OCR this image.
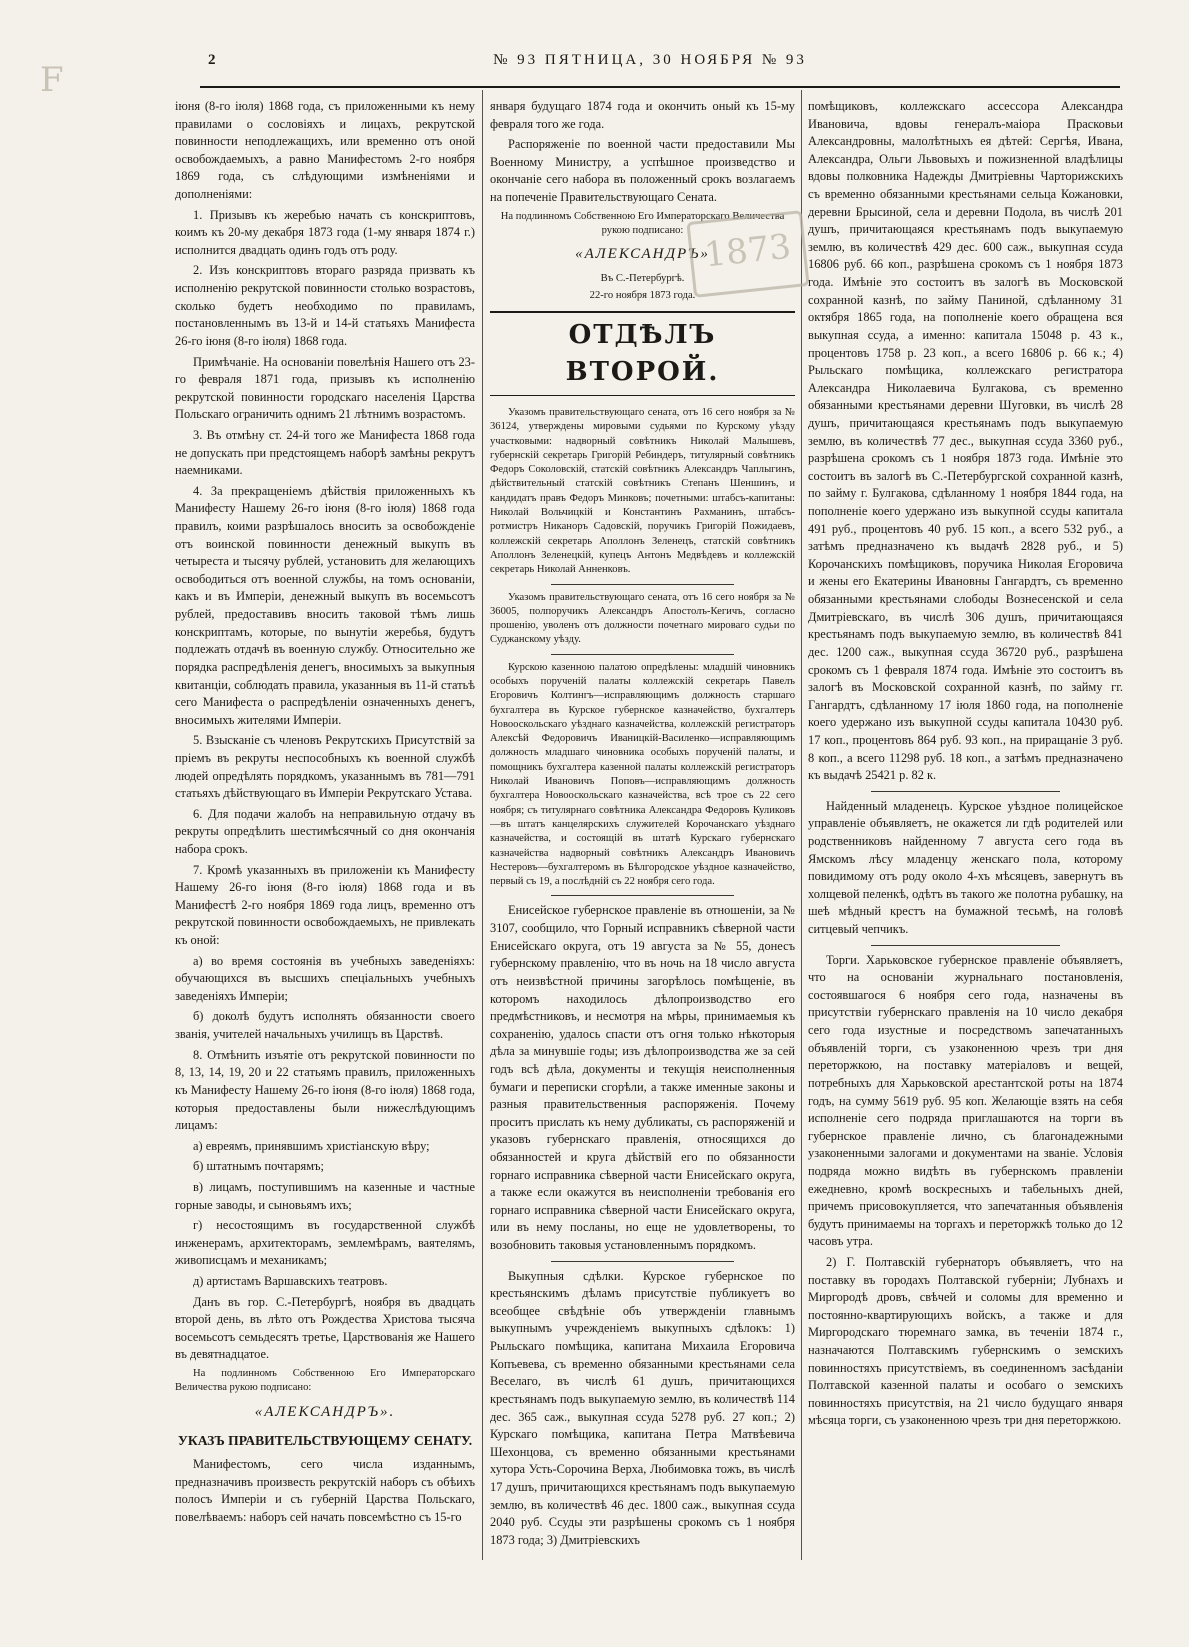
F	2	№ 93 ПЯТНИЦА, 30 НОЯБРЯ № 93

іюня (8-го іюля) 1868 года, съ приложенными къ нему правилами о сословіяхъ и лицахъ, рекрутской повинности неподлежащихъ, или временно отъ оной освобождаемыхъ, а равно Манифестомъ 2-го ноября 1869 года, съ слѣдующими измѣненіями и дополненіями:

1. Призывъ къ жеребью начать съ конскриптовъ, коимъ къ 20-му декабря 1873 года (1-му января 1874 г.) исполнится двадцать одинъ годъ отъ роду.

2. Изъ конскриптовъ втораго разряда призвать къ исполненію рекрутской повинности столько возрастовъ, сколько будетъ необходимо по правиламъ, постановленнымъ въ 13-й и 14-й статьяхъ Манифеста 26-го іюня (8-го іюля) 1868 года.

Примѣчаніе. На основаніи повелѣнія Нашего отъ 23-го февраля 1871 года, призывъ къ исполненію рекрутской повинности городскаго населенія Царства Польскаго ограничить однимъ 21 лѣтнимъ возрастомъ.

3. Въ отмѣну ст. 24-й того же Манифеста 1868 года не допускать при предстоящемъ наборѣ замѣны рекрутъ наемниками.

4. За прекращеніемъ дѣйствія приложенныхъ къ Манифесту Нашему 26-го іюня (8-го іюля) 1868 года правилъ, коими разрѣшалось вносить за освобожденіе отъ воинской повинности денежный выкупъ въ четыреста и тысячу рублей, установить для желающихъ освободиться отъ военной службы, на томъ основаніи, какъ и въ Имперіи, денежный выкупъ въ восемьсотъ рублей, предоставивъ вносить таковой тѣмъ лишь конскриптамъ, которые, по вынутіи жеребья, будутъ подлежать отдачѣ въ военную службу. Относительно же порядка распредѣленія денегъ, вносимыхъ за выкупныя квитанціи, соблюдать правила, указанныя въ 11-й статьѣ сего Манифеста о распредѣленіи означенныхъ денегъ, вносимыхъ жителями Имперіи.

5. Взысканіе съ членовъ Рекрутскихъ Присутствій за пріемъ въ рекруты неспособныхъ къ военной службѣ людей опредѣлять порядкомъ, указаннымъ въ 781—791 статьяхъ дѣйствующаго въ Имперіи Рекрутскаго Устава.

6. Для подачи жалобъ на неправильную отдачу въ рекруты опредѣлить шестимѣсячный со дня окончанія набора срокъ.

7. Кромѣ указанныхъ въ приложеніи къ Манифесту Нашему 26-го іюня (8-го іюля) 1868 года и въ Манифестѣ 2-го ноября 1869 года лицъ, временно отъ рекрутской повинности освобождаемыхъ, не привлекать къ оной:

а) во время состоянія въ учебныхъ заведеніяхъ: обучающихся въ высшихъ спеціальныхъ учебныхъ заведеніяхъ Имперіи;

б) доколѣ будутъ исполнять обязанности своего званія, учителей начальныхъ училищъ въ Царствѣ.

8. Отмѣнить изъятіе отъ рекрутской повинности по 8, 13, 14, 19, 20 и 22 статьямъ правилъ, приложенныхъ къ Манифесту Нашему 26-го іюня (8-го іюля) 1868 года, которыя предоставлены были нижеслѣдующимъ лицамъ:

а) евреямъ, принявшимъ христіанскую вѣру;

б) штатнымъ почтарямъ;

в) лицамъ, поступившимъ на казенные и частные горные заводы, и сыновьямъ ихъ;

г) несостоящимъ въ государственной службѣ инженерамъ, архитекторамъ, землемѣрамъ, ваятелямъ, живописцамъ и механикамъ;

д) артистамъ Варшавскихъ театровъ.

Данъ въ гор. С.-Петербургѣ, ноября въ двадцать второй день, въ лѣто отъ Рождества Христова тысяча восемьсотъ семьдесятъ третье, Царствованія же Нашего въ девятнадцатое.

На подлинномъ Собственною Его Императорскаго Величества рукою подписано:

«АЛЕКСАНДРЪ».
УКАЗЪ ПРАВИТЕЛЬСТВУЮЩЕМУ СЕНАТУ.

Манифестомъ, сего числа изданнымъ, предназначивъ произвесть рекрутскій наборъ съ обѣихъ полосъ Имперіи и съ губерній Царства Польскаго, повелѣваемъ: наборъ сей начать повсемѣстно съ 15-го

января будущаго 1874 года и окончить оный къ 15-му февраля того же года.

Распоряженіе по военной части предоставили Мы Военному Министру, а успѣшное произведство и окончаніе сего набора въ положенный срокъ возлагаемъ на попеченіе Правительствующаго Сената.

На подлинномъ Собственною Его Императорскаго Величества рукою подписано:

«АЛЕКСАНДРЪ»

Въ С.-Петербургѣ.

22-го ноября 1873 года.

ОТДѢЛЪ ВТОРОЙ.

Указомъ правительствующаго сената, отъ 16 сего ноября за № 36124, утверждены мировыми судьями по Курскому уѣзду участковыми: надворный совѣтникъ Николай Малышевъ, губернскій секретарь Григорій Ребиндеръ, титулярный совѣтникъ Федоръ Соколовскій, статскій совѣтникъ Александръ Чаплыгинъ, дѣйствительный статскій совѣтникъ Степанъ Шеншинъ, и кандидатъ правъ Федоръ Минковъ; почетными: штабсъ-капитаны: Николай Вольчицкій и Константинъ Рахманинъ, штабсъ-ротмистръ Никаноръ Садовскій, поручикъ Григорій Пожидаевъ, коллежскій секретарь Аполлонъ Зеленецъ, статскій совѣтникъ Аполлонъ Зеленецкій, купецъ Антонъ Медвѣдевъ и коллежскій секретарь Николай Анненковъ.

Указомъ правительствующаго сената, отъ 16 сего ноября за № 36005, полпоручикъ Александръ Апостолъ-Кегичъ, согласно прошенію, уволенъ отъ должности почетнаго мироваго судьи по Суджанскому уѣзду.

Курскою казенною палатою опредѣлены: младшій чиновникъ особыхъ порученій палаты коллежскій секретарь Павелъ Егоровичъ Колтингъ—исправляющимъ должность старшаго бухгалтера въ Курское губернское казначейство, бухгалтеръ Новооскольскаго уѣзднаго казначейства, коллежскій регистраторъ Алексѣй Федоровичъ Иваницкій-Василенко—исправляющимъ должность младшаго чиновника особыхъ порученій палаты, и помощникъ бухгалтера казенной палаты коллежскій регистраторъ Николай Ивановичъ Поповъ—исправляющимъ должность бухгалтера Новооскольскаго казначейства, всѣ трое съ 22 сего ноября; съ титулярнаго совѣтника Александра Федоровъ Куликовъ—въ штатъ канцелярскихъ служителей Корочанскаго уѣзднаго казначейства, и состоящій въ штатѣ Курскаго губернскаго казначейства надворный совѣтникъ Александръ Ивановичъ Нестеровъ—бухгалтеромъ въ Бѣлгородское уѣздное казначейство, первый съ 19, а послѣдній съ 22 ноября сего года.

Енисейское губернское правленіе въ отношеніи, за № 3107, сообщило, что Горный исправникъ сѣверной части Енисейскаго округа, отъ 19 августа за № 55, донесъ губернскому правленію, что въ ночь на 18 число августа отъ неизвѣстной причины загорѣлось помѣщеніе, въ которомъ находилось дѣлопроизводство его предмѣстниковъ, и несмотря на мѣры, принимаемыя къ сохраненію, удалось спасти отъ огня только нѣкоторыя дѣла за минувшіе годы; изъ дѣлопроизводства же за сей годъ всѣ дѣла, документы и текущія неисполненныя бумаги и переписки сгорѣли, а также именные законы и разныя правительственныя распоряженія. Почему проситъ прислать къ нему дубликаты, съ распоряженій и указовъ губернскаго правленія, относящихся до обязанностей и круга дѣйствій его по обязанности горнаго исправника сѣверной части Енисейскаго округа, а также если окажутся въ неисполненіи требованія его горнаго исправника сѣверной части Енисейскаго округа, или въ нему посланы, но еще не удовлетворены, то возобновить таковыя установленнымъ порядкомъ.

Выкупныя сдѣлки. Курское губернское по крестьянскимъ дѣламъ присутствіе публикуетъ во всеобщее свѣдѣніе объ утвержденіи главнымъ выкупнымъ учрежденіемъ выкупныхъ сдѣлокъ: 1) Рыльскаго помѣщика, капитана Михаила Егоровича Копъевева, съ временно обязанными крестьянами села Веселаго, въ числѣ 61 душъ, причитающихся крестьянамъ подъ выкупаемую землю, въ количествѣ 114 дес. 365 саж., выкупная ссуда 5278 руб. 27 коп.; 2) Курскаго помѣщика, капитана Петра Матвѣевича Шехонцова, съ временно обязанными крестьянами хутора Усть-Сорочина Верха, Любимовка тожъ, въ числѣ 17 душъ, причитающихся крестьянамъ подъ выкупаемую землю, въ количествѣ 46 дес. 1800 саж., выкупная ссуда 2040 руб. Ссуды эти разрѣшены срокомъ съ 1 ноября 1873 года; 3) Дмитріевскихъ

1873

помѣщиковъ, коллежскаго ассессора Александра Ивановича, вдовы генералъ-маіора Прасковьи Александровны, малолѣтныхъ ея дѣтей: Сергѣя, Ивана, Александра, Ольги Львовыхъ и пожизненной владѣлицы вдовы полковника Надежды Дмитріевны Чарторижскихъ съ временно обязанными крестьянами сельца Кожановки, деревни Брысиной, села и деревни Подола, въ числѣ 201 душъ, причитающаяся крестьянамъ подъ выкупаемую землю, въ количествѣ 429 дес. 600 саж., выкупная ссуда 16806 руб. 66 коп., разрѣшена срокомъ съ 1 ноября 1873 года. Имѣніе это состоитъ въ залогѣ въ Московской сохранной казнѣ, по займу Паниной, сдѣланному 31 октября 1865 года, на пополненіе коего обращена вся выкупная ссуда, а именно: капитала 15048 р. 43 к., процентовъ 1758 р. 23 коп., а всего 16806 р. 66 к.; 4) Рыльскаго помѣщика, коллежскаго регистратора Александра Николаевича Булгакова, съ временно обязанными крестьянами деревни Шуговки, въ числѣ 28 душъ, причитающаяся крестьянамъ подъ выкупаемую землю, въ количествѣ 77 дес., выкупная ссуда 3360 руб., разрѣшена срокомъ съ 1 ноября 1873 года. Имѣніе это состоитъ въ залогѣ въ С.-Петербургской сохранной казнѣ, по займу г. Булгакова, сдѣланному 1 ноября 1844 года, на пополненіе коего удержано изъ выкупной ссуды капитала 491 руб., процентовъ 40 руб. 15 коп., а всего 532 руб., а затѣмъ предназначено къ выдачѣ 2828 руб., и 5) Корочанскихъ помѣщиковъ, поручика Николая Егоровича и жены его Екатерины Ивановны Гангардтъ, съ временно обязанными крестьянами слободы Вознесенской и села Дмитріевскаго, въ числѣ 306 душъ, причитающаяся крестьянамъ подъ выкупаемую землю, въ количествѣ 841 дес. 1200 саж., выкупная ссуда 36720 руб., разрѣшена срокомъ съ 1 февраля 1874 года. Имѣніе это состоитъ въ залогѣ въ Московской сохранной казнѣ, по займу гг. Гангардтъ, сдѣланному 17 іюля 1860 года, на пополненіе коего удержано изъ выкупной ссуды капитала 10430 руб. 17 коп., процентовъ 864 руб. 93 коп., на приращаніе 3 руб. 8 коп., а всего 11298 руб. 18 коп., а затѣмъ предназначено къ выдачѣ 25421 р. 82 к.

Найденный младенецъ. Курское уѣздное полицейское управленіе объявляетъ, не окажется ли гдѣ родителей или родственниковъ найденному 7 августа сего года въ Ямскомъ лѣсу младенцу женскаго пола, которому повидимому отъ роду около 4-хъ мѣсяцевъ, завернутъ въ холщевой пеленкѣ, одѣтъ въ такого же полотна рубашку, на шеѣ мѣдный крестъ на бумажной тесьмѣ, на головѣ ситцевый чепчикъ.

Торги. Харьковское губернское правленіе объявляетъ, что на основаніи журнальнаго постановленія, состоявшагося 6 ноября сего года, назначены въ присутствіи губернскаго правленія на 10 число декабря сего года изустные и посредствомъ запечатанныхъ объявленій торги, съ узаконенною чрезъ три дня переторжкою, на поставку матеріаловъ и вещей, потребныхъ для Харьковской арестантской роты на 1874 годъ, на сумму 5619 руб. 95 коп. Желающіе взять на себя исполненіе сего подряда приглашаются на торги въ губернское правленіе лично, съ благонадежными узаконенными залогами и документами на званіе. Условія подряда можно видѣть въ губернскомъ правленіи ежедневно, кромѣ воскресныхъ и табельныхъ дней, причемъ присовокупляется, что запечатанныя объявленія будутъ принимаемы на торгахъ и переторжкѣ только до 12 часовъ утра.

2) Г. Полтавскій губернаторъ объявляетъ, что на поставку въ городахъ Полтавской губерніи; Лубнахъ и Миргородѣ дровъ, свѣчей и соломы для временно и постоянно-квартирующихъ войскъ, а также и для Миргородскаго тюремнаго замка, въ теченіи 1874 г., назначаются Полтавскимъ губернскимъ о земскихъ повинностяхъ присутствіемъ, въ соединенномъ засѣданіи Полтавской казенной палаты и особаго о земскихъ повинностяхъ присутствія, на 21 число будущаго января мѣсяца торги, съ узаконенною чрезъ три дня переторжкою.
